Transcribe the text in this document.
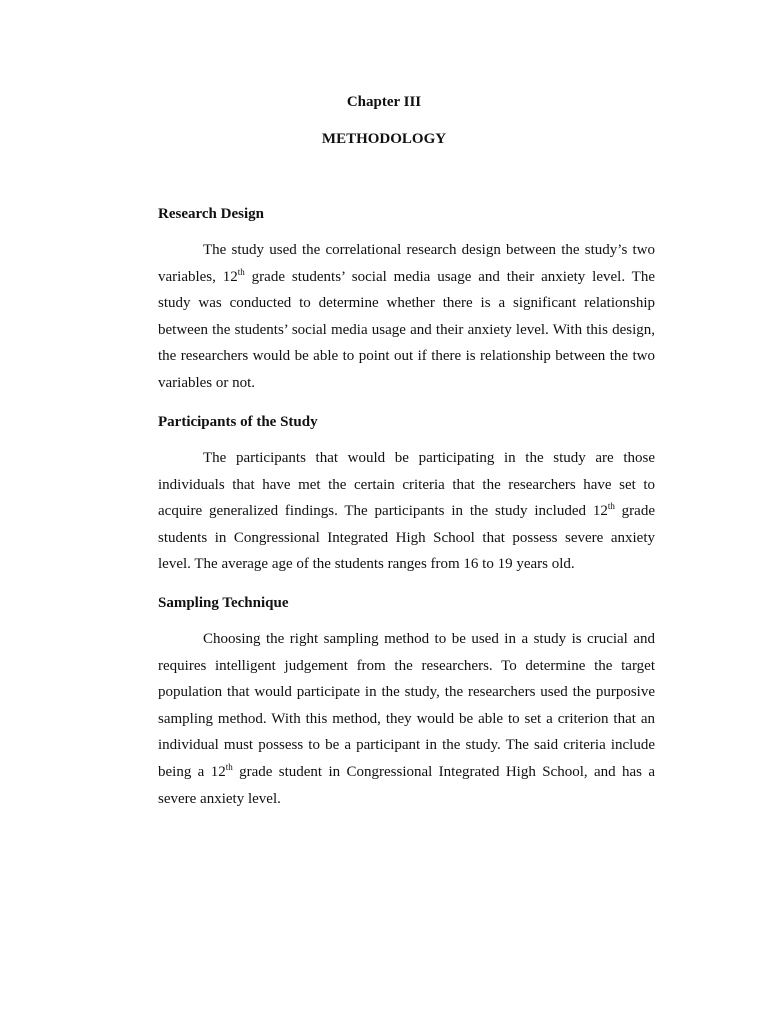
Chapter III
METHODOLOGY
Research Design

The study used the correlational research design between the study’s two variables, 12th grade students’ social media usage and their anxiety level. The study was conducted to determine whether there is a significant relationship between the students’ social media usage and their anxiety level. With this design, the researchers would be able to point out if there is relationship between the two variables or not.

Participants of the Study

The participants that would be participating in the study are those individuals that have met the certain criteria that the researchers have set to acquire generalized findings. The participants in the study included 12th grade students in Congressional Integrated High School that possess severe anxiety level. The average age of the students ranges from 16 to 19 years old.

Sampling Technique

Choosing the right sampling method to be used in a study is crucial and requires intelligent judgement from the researchers. To determine the target population that would participate in the study, the researchers used the purposive sampling method. With this method, they would be able to set a criterion that an individual must possess to be a participant in the study. The said criteria include being a 12th grade student in Congressional Integrated High School, and has a severe anxiety level.
